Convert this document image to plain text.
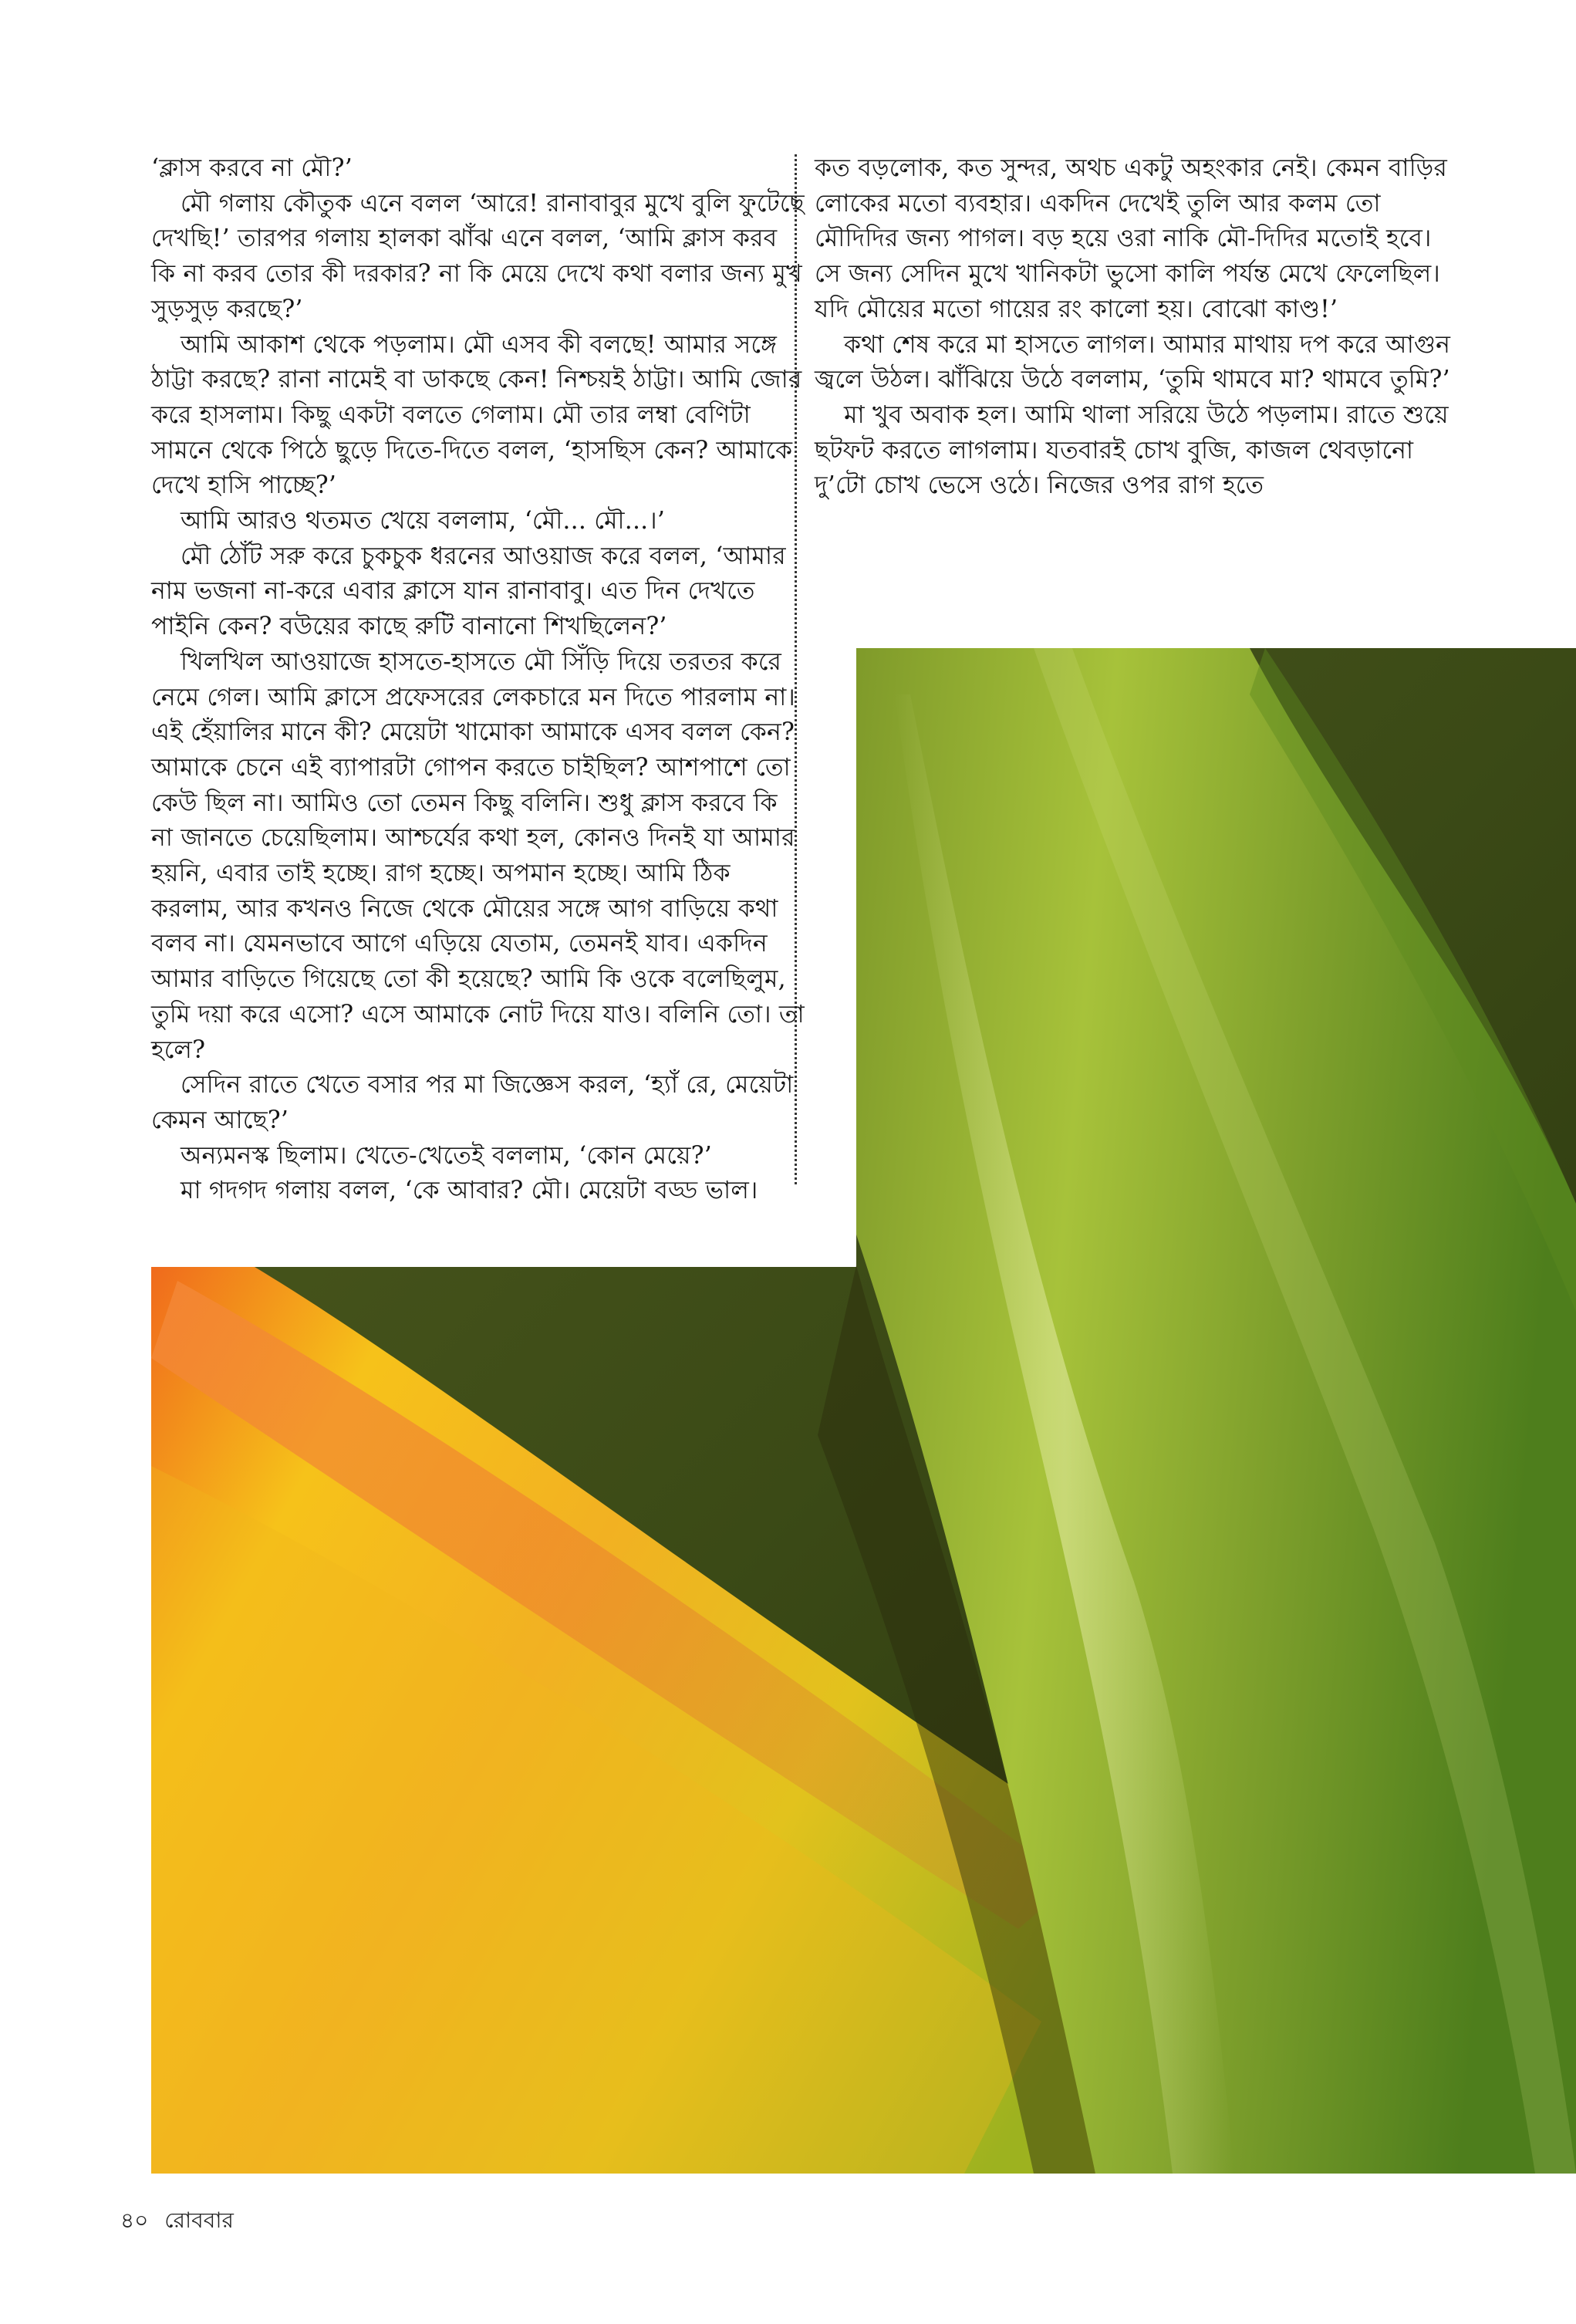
‘ক্লাস করবে না মৌ?’

মৌ গলায় কৌতুক এনে বলল ‘আরে! রানাবাবুর মুখে বুলি ফুটেছে দেখছি!’ তারপর গলায় হালকা ঝাঁঝ এনে বলল, ‘আমি ক্লাস করব কি না করব তোর কী দরকার? না কি মেয়ে দেখে কথা বলার জন্য মুখ সুড়সুড় করছে?’

আমি আকাশ থেকে পড়লাম। মৌ এসব কী বলছে! আমার সঙ্গে ঠাট্টা করছে? রানা নামেই বা ডাকছে কেন! নিশ্চয়ই ঠাট্টা। আমি জোর করে হাসলাম। কিছু একটা বলতে গেলাম। মৌ তার লম্বা বেণিটা সামনে থেকে পিঠে ছুড়ে দিতে-দিতে বলল, ‘হাসছিস কেন? আমাকে দেখে হাসি পাচ্ছে?’

আমি আরও থতমত খেয়ে বললাম, ‘মৌ... মৌ...।’

মৌ ঠোঁট সরু করে চুকচুক ধরনের আওয়াজ করে বলল, ‘আমার নাম ভজনা না-করে এবার ক্লাসে যান রানাবাবু। এত দিন দেখতে পাইনি কেন? বউয়ের কাছে রুটি বানানো শিখছিলেন?’

খিলখিল আওয়াজে হাসতে-হাসতে মৌ সিঁড়ি দিয়ে তরতর করে নেমে গেল। আমি ক্লাসে প্রফেসরের লেকচারে মন দিতে পারলাম না। এই হেঁয়ালির মানে কী? মেয়েটা খামোকা আমাকে এসব বলল কেন? আমাকে চেনে এই ব্যাপারটা গোপন করতে চাইছিল? আশপাশে তো কেউ ছিল না। আমিও তো তেমন কিছু বলিনি। শুধু ক্লাস করবে কি না জানতে চেয়েছিলাম। আশ্চর্যের কথা হল, কোনও দিনই যা আমার হয়নি, এবার তাই হচ্ছে। রাগ হচ্ছে। অপমান হচ্ছে। আমি ঠিক করলাম, আর কখনও নিজে থেকে মৌয়ের সঙ্গে আগ বাড়িয়ে কথা বলব না। যেমনভাবে আগে এড়িয়ে যেতাম, তেমনই যাব। একদিন আমার বাড়িতে গিয়েছে তো কী হয়েছে? আমি কি ওকে বলেছিলুম, তুমি দয়া করে এসো? এসে আমাকে নোট দিয়ে যাও। বলিনি তো। তা হলে?

সেদিন রাতে খেতে বসার পর মা জিজ্ঞেস করল, ‘হ্যাঁ রে, মেয়েটা কেমন আছে?’

অন্যমনস্ক ছিলাম। খেতে-খেতেই বললাম, ‘কোন মেয়ে?’

মা গদগদ গলায় বলল, ‘কে আবার? মৌ। মেয়েটা বড্ড ভাল।

কত বড়লোক, কত সুন্দর, অথচ একটু অহংকার নেই। কেমন বাড়ির লোকের মতো ব্যবহার। একদিন দেখেই তুলি আর কলম তো মৌদিদির জন্য পাগল। বড় হয়ে ওরা নাকি মৌ-দিদির মতোই হবে। সে জন্য সেদিন মুখে খানিকটা ভুসো কালি পর্যন্ত মেখে ফেলেছিল। যদি মৌয়ের মতো গায়ের রং কালো হয়। বোঝো কাণ্ড!’

কথা শেষ করে মা হাসতে লাগল। আমার মাথায় দপ করে আগুন জ্বলে উঠল। ঝাঁঝিয়ে উঠে বললাম, ‘তুমি থামবে মা? থামবে তুমি?’

মা খুব অবাক হল। আমি থালা সরিয়ে উঠে পড়লাম। রাতে শুয়ে ছটফট করতে লাগলাম। যতবারই চোখ বুজি, কাজল থেবড়ানো দু’টো চোখ ভেসে ওঠে। নিজের ওপর রাগ হতে

৪০ রোববার
